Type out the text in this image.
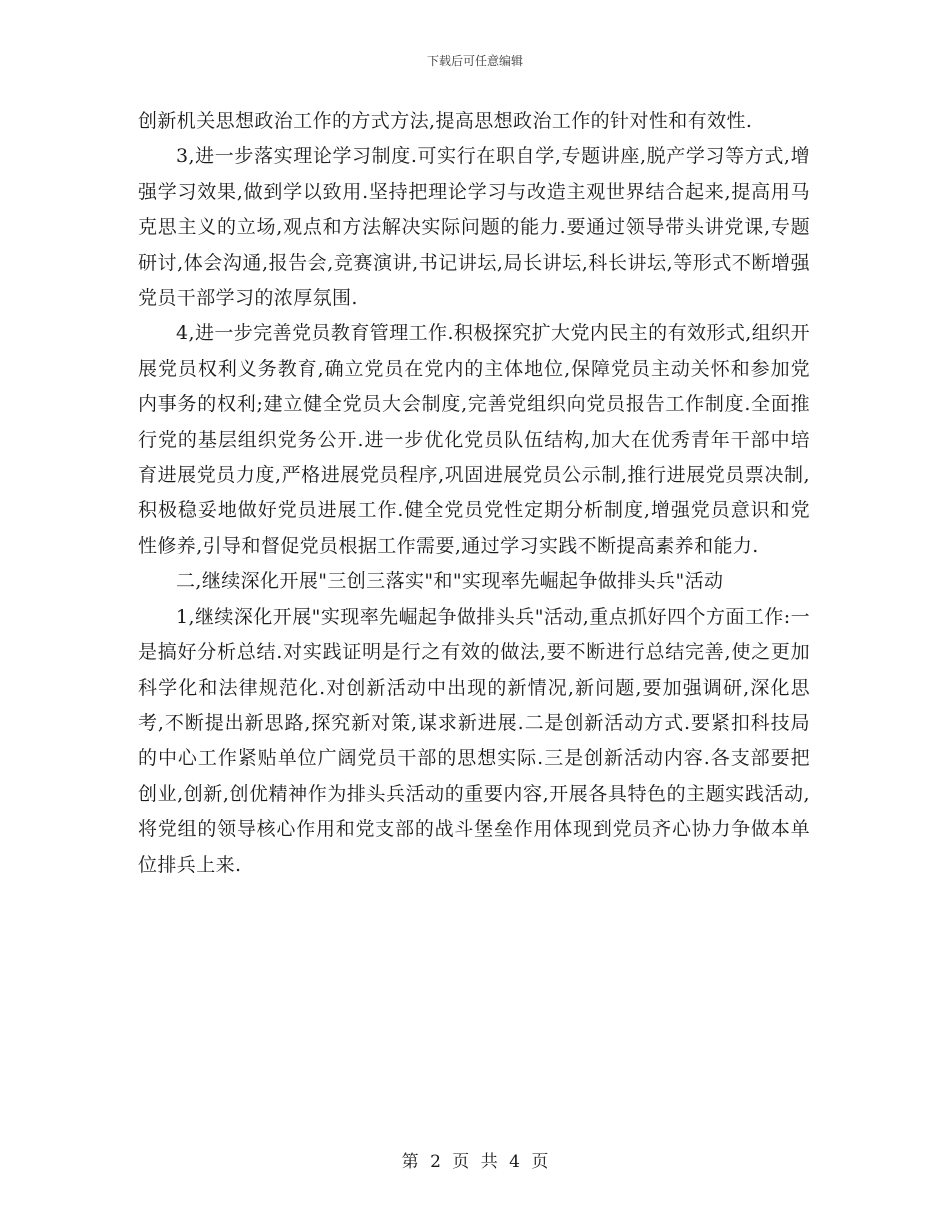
下载后可任意编辑

创新机关思想政治工作的方式方法,提高思想政治工作的针对性和有效性.

3,进一步落实理论学习制度.可实行在职自学,专题讲座,脱产学习等方式,增强学习效果,做到学以致用.坚持把理论学习与改造主观世界结合起来,提高用马克思主义的立场,观点和方法解决实际问题的能力.要通过领导带头讲党课,专题研讨,体会沟通,报告会,竞赛演讲,书记讲坛,局长讲坛,科长讲坛,等形式不断增强党员干部学习的浓厚氛围.

4,进一步完善党员教育管理工作.积极探究扩大党内民主的有效形式,组织开展党员权利义务教育,确立党员在党内的主体地位,保障党员主动关怀和参加党内事务的权利;建立健全党员大会制度,完善党组织向党员报告工作制度.全面推行党的基层组织党务公开.进一步优化党员队伍结构,加大在优秀青年干部中培育进展党员力度,严格进展党员程序,巩固进展党员公示制,推行进展党员票决制,积极稳妥地做好党员进展工作.健全党员党性定期分析制度,增强党员意识和党性修养,引导和督促党员根据工作需要,通过学习实践不断提高素养和能力.

二,继续深化开展"三创三落实"和"实现率先崛起争做排头兵"活动

1,继续深化开展"实现率先崛起争做排头兵"活动,重点抓好四个方面工作:一是搞好分析总结.对实践证明是行之有效的做法,要不断进行总结完善,使之更加科学化和法律规范化.对创新活动中出现的新情况,新问题,要加强调研,深化思考,不断提出新思路,探究新对策,谋求新进展.二是创新活动方式.要紧扣科技局的中心工作紧贴单位广阔党员干部的思想实际.三是创新活动内容.各支部要把创业,创新,创优精神作为排头兵活动的重要内容,开展各具特色的主题实践活动,将党组的领导核心作用和党支部的战斗堡垒作用体现到党员齐心协力争做本单位排兵上来.

第 2 页 共 4 页
